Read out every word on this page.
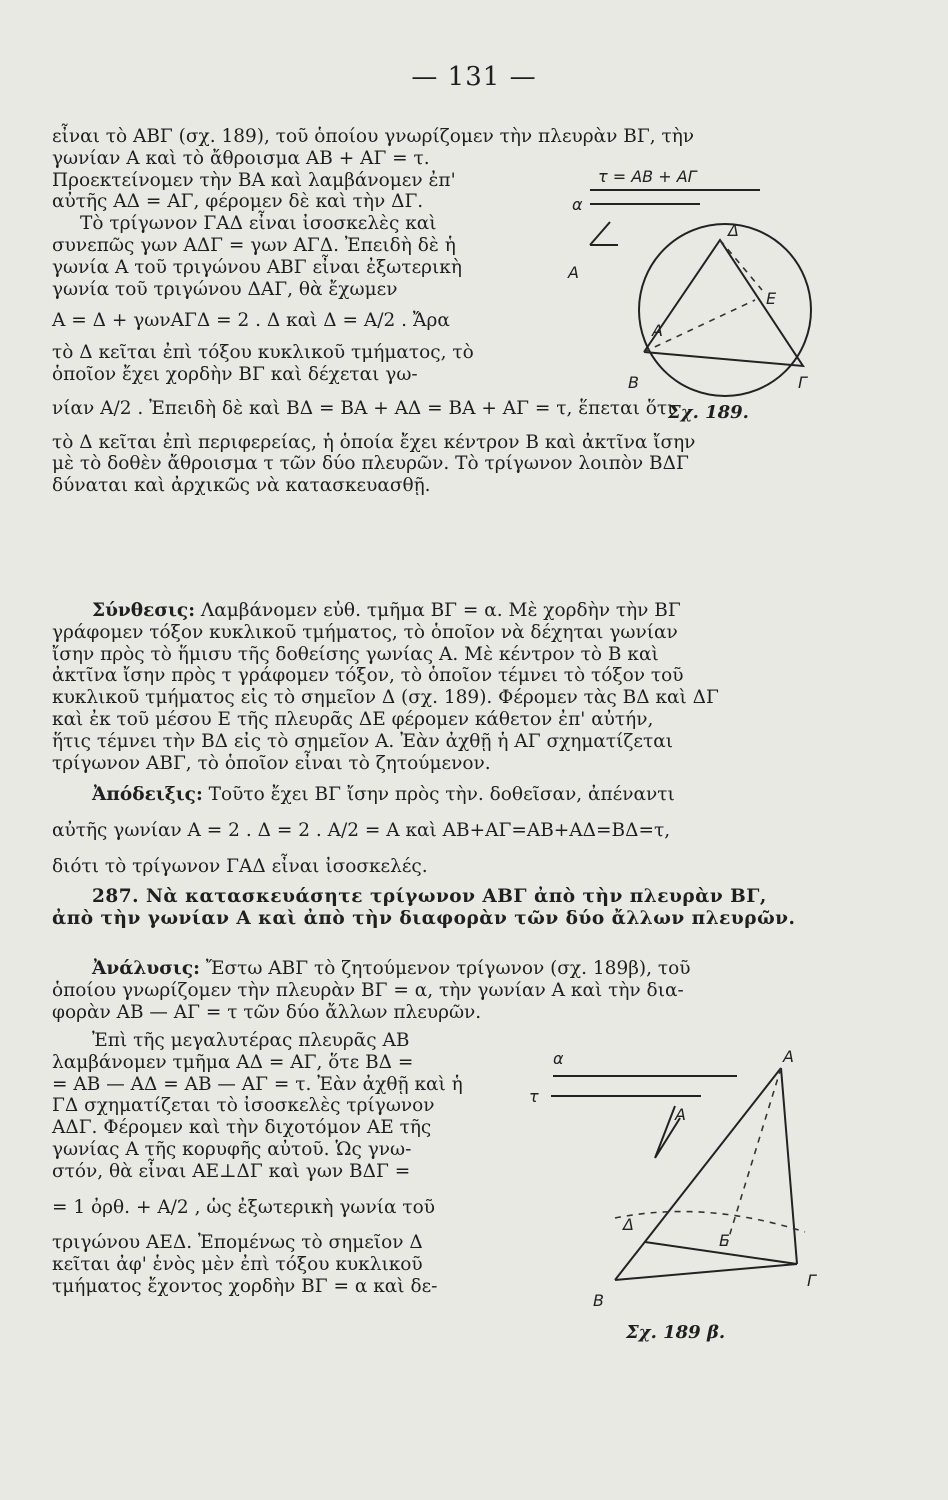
— 131 —
εἶναι τὸ ΑΒΓ (σχ. 189), τοῦ ὁποίου γνωρίζομεν τὴν πλευρὰν ΒΓ, τὴν
γωνίαν Α καὶ τὸ ἄθροισμα ΑΒ + ΑΓ = τ.
Προεκτείνομεν τὴν ΒΑ καὶ λαμβάνομεν ἐπ'
αὐτῆς ΑΔ = ΑΓ, φέρομεν δὲ καὶ τὴν ΔΓ.
Τὸ τρίγωνον ΓΑΔ εἶναι ἰσοσκελὲς καὶ
συνεπῶς γων ΑΔΓ = γων ΑΓΔ. Ἐπειδὴ δὲ ἡ
γωνία Α τοῦ τριγώνου ΑΒΓ εἶναι ἐξωτερικὴ
γωνία τοῦ τριγώνου ΔΑΓ, θὰ ἔχωμεν
Α = Δ + γωνΑΓΔ = 2 . Δ καὶ Δ = Α/2 . Ἄρα
τὸ Δ κεῖται ἐπὶ τόξου κυκλικοῦ τμήματος, τὸ
ὁποῖον ἔχει χορδὴν ΒΓ καὶ δέχεται γω-
νίαν Α/2 . Ἐπειδὴ δὲ καὶ ΒΔ = ΒΑ + ΑΔ = ΒΑ + ΑΓ = τ, ἕπεται ὅτι
τὸ Δ κεῖται ἐπὶ περιφερείας, ἡ ὁποία ἔχει κέντρον Β καὶ ἀκτῖνα ἴσην
μὲ τὸ δοθὲν ἄθροισμα τ τῶν δύο πλευρῶν. Τὸ τρίγωνον λοιπὸν ΒΔΓ
δύναται καὶ ἀρχικῶς νὰ κατασκευασθῇ.
τ = ΑΒ + ΑΓ
α
Α
Δ
Ε
Α
Β	Γ
Σχ. 189.
Σύνθεσις: Λαμβάνομεν εὐθ. τμῆμα ΒΓ = α. Μὲ χορδὴν τὴν ΒΓ
γράφομεν τόξον κυκλικοῦ τμήματος, τὸ ὁποῖον νὰ δέχηται γωνίαν
ἴσην πρὸς τὸ ἥμισυ τῆς δοθείσης γωνίας Α. Μὲ κέντρον τὸ Β καὶ
ἀκτῖνα ἴσην πρὸς τ γράφομεν τόξον, τὸ ὁποῖον τέμνει τὸ τόξον τοῦ
κυκλικοῦ τμήματος εἰς τὸ σημεῖον Δ (σχ. 189). Φέρομεν τὰς ΒΔ καὶ ΔΓ
καὶ ἐκ τοῦ μέσου Ε τῆς πλευρᾶς ΔΕ φέρομεν κάθετον ἐπ' αὐτήν,
ἥτις τέμνει τὴν ΒΔ εἰς τὸ σημεῖον Α. Ἐὰν ἀχθῇ ἡ ΑΓ σχηματίζεται
τρίγωνον ΑΒΓ, τὸ ὁποῖον εἶναι τὸ ζητούμενον.
Ἀπόδειξις: Τοῦτο ἔχει ΒΓ ἴσην πρὸς τὴν. δοθεῖσαν, ἀπέναντι
αὐτῆς γωνίαν Α = 2 . Δ = 2 . Α/2 = Α καὶ ΑΒ+ΑΓ=ΑΒ+ΑΔ=ΒΔ=τ,
διότι τὸ τρίγωνον ΓΑΔ εἶναι ἰσοσκελές.
287. Νὰ κατασκευάσητε τρίγωνον ΑΒΓ ἀπὸ τὴν πλευρὰν ΒΓ,
ἀπὸ τὴν γωνίαν Α καὶ ἀπὸ τὴν διαφορὰν τῶν δύο ἄλλων πλευρῶν.
Ἀνάλυσις: Ἔστω ΑΒΓ τὸ ζητούμενον τρίγωνον (σχ. 189β), τοῦ
ὁποίου γνωρίζομεν τὴν πλευρὰν ΒΓ = α, τὴν γωνίαν Α καὶ τὴν δια-
φορὰν ΑΒ — ΑΓ = τ τῶν δύο ἄλλων πλευρῶν.
Ἐπὶ τῆς μεγαλυτέρας πλευρᾶς ΑΒ
λαμβάνομεν τμῆμα ΑΔ = ΑΓ, ὅτε ΒΔ =
= ΑΒ — ΑΔ = ΑΒ — ΑΓ = τ. Ἐὰν ἀχθῇ καὶ ἡ
ΓΔ σχηματίζεται τὸ ἰσοσκελὲς τρίγωνον
ΑΔΓ. Φέρομεν καὶ τὴν διχοτόμον ΑΕ τῆς
γωνίας Α τῆς κορυφῆς αὐτοῦ. Ὡς γνω-
στόν, θὰ εἶναι ΑΕ⊥ΔΓ καὶ γων ΒΔΓ =
= 1 ὀρθ. + Α/2 , ὡς ἐξωτερικὴ γωνία τοῦ
τριγώνου ΑΕΔ. Ἐπομένως τὸ σημεῖον Δ
κεῖται ἀφ' ἑνὸς μὲν ἐπὶ τόξου κυκλικοῦ
τμήματος ἔχοντος χορδὴν ΒΓ = α καὶ δε-
α
τ
Α
Α
Δ
Ε
Β
Γ
Σχ. 189 β.
